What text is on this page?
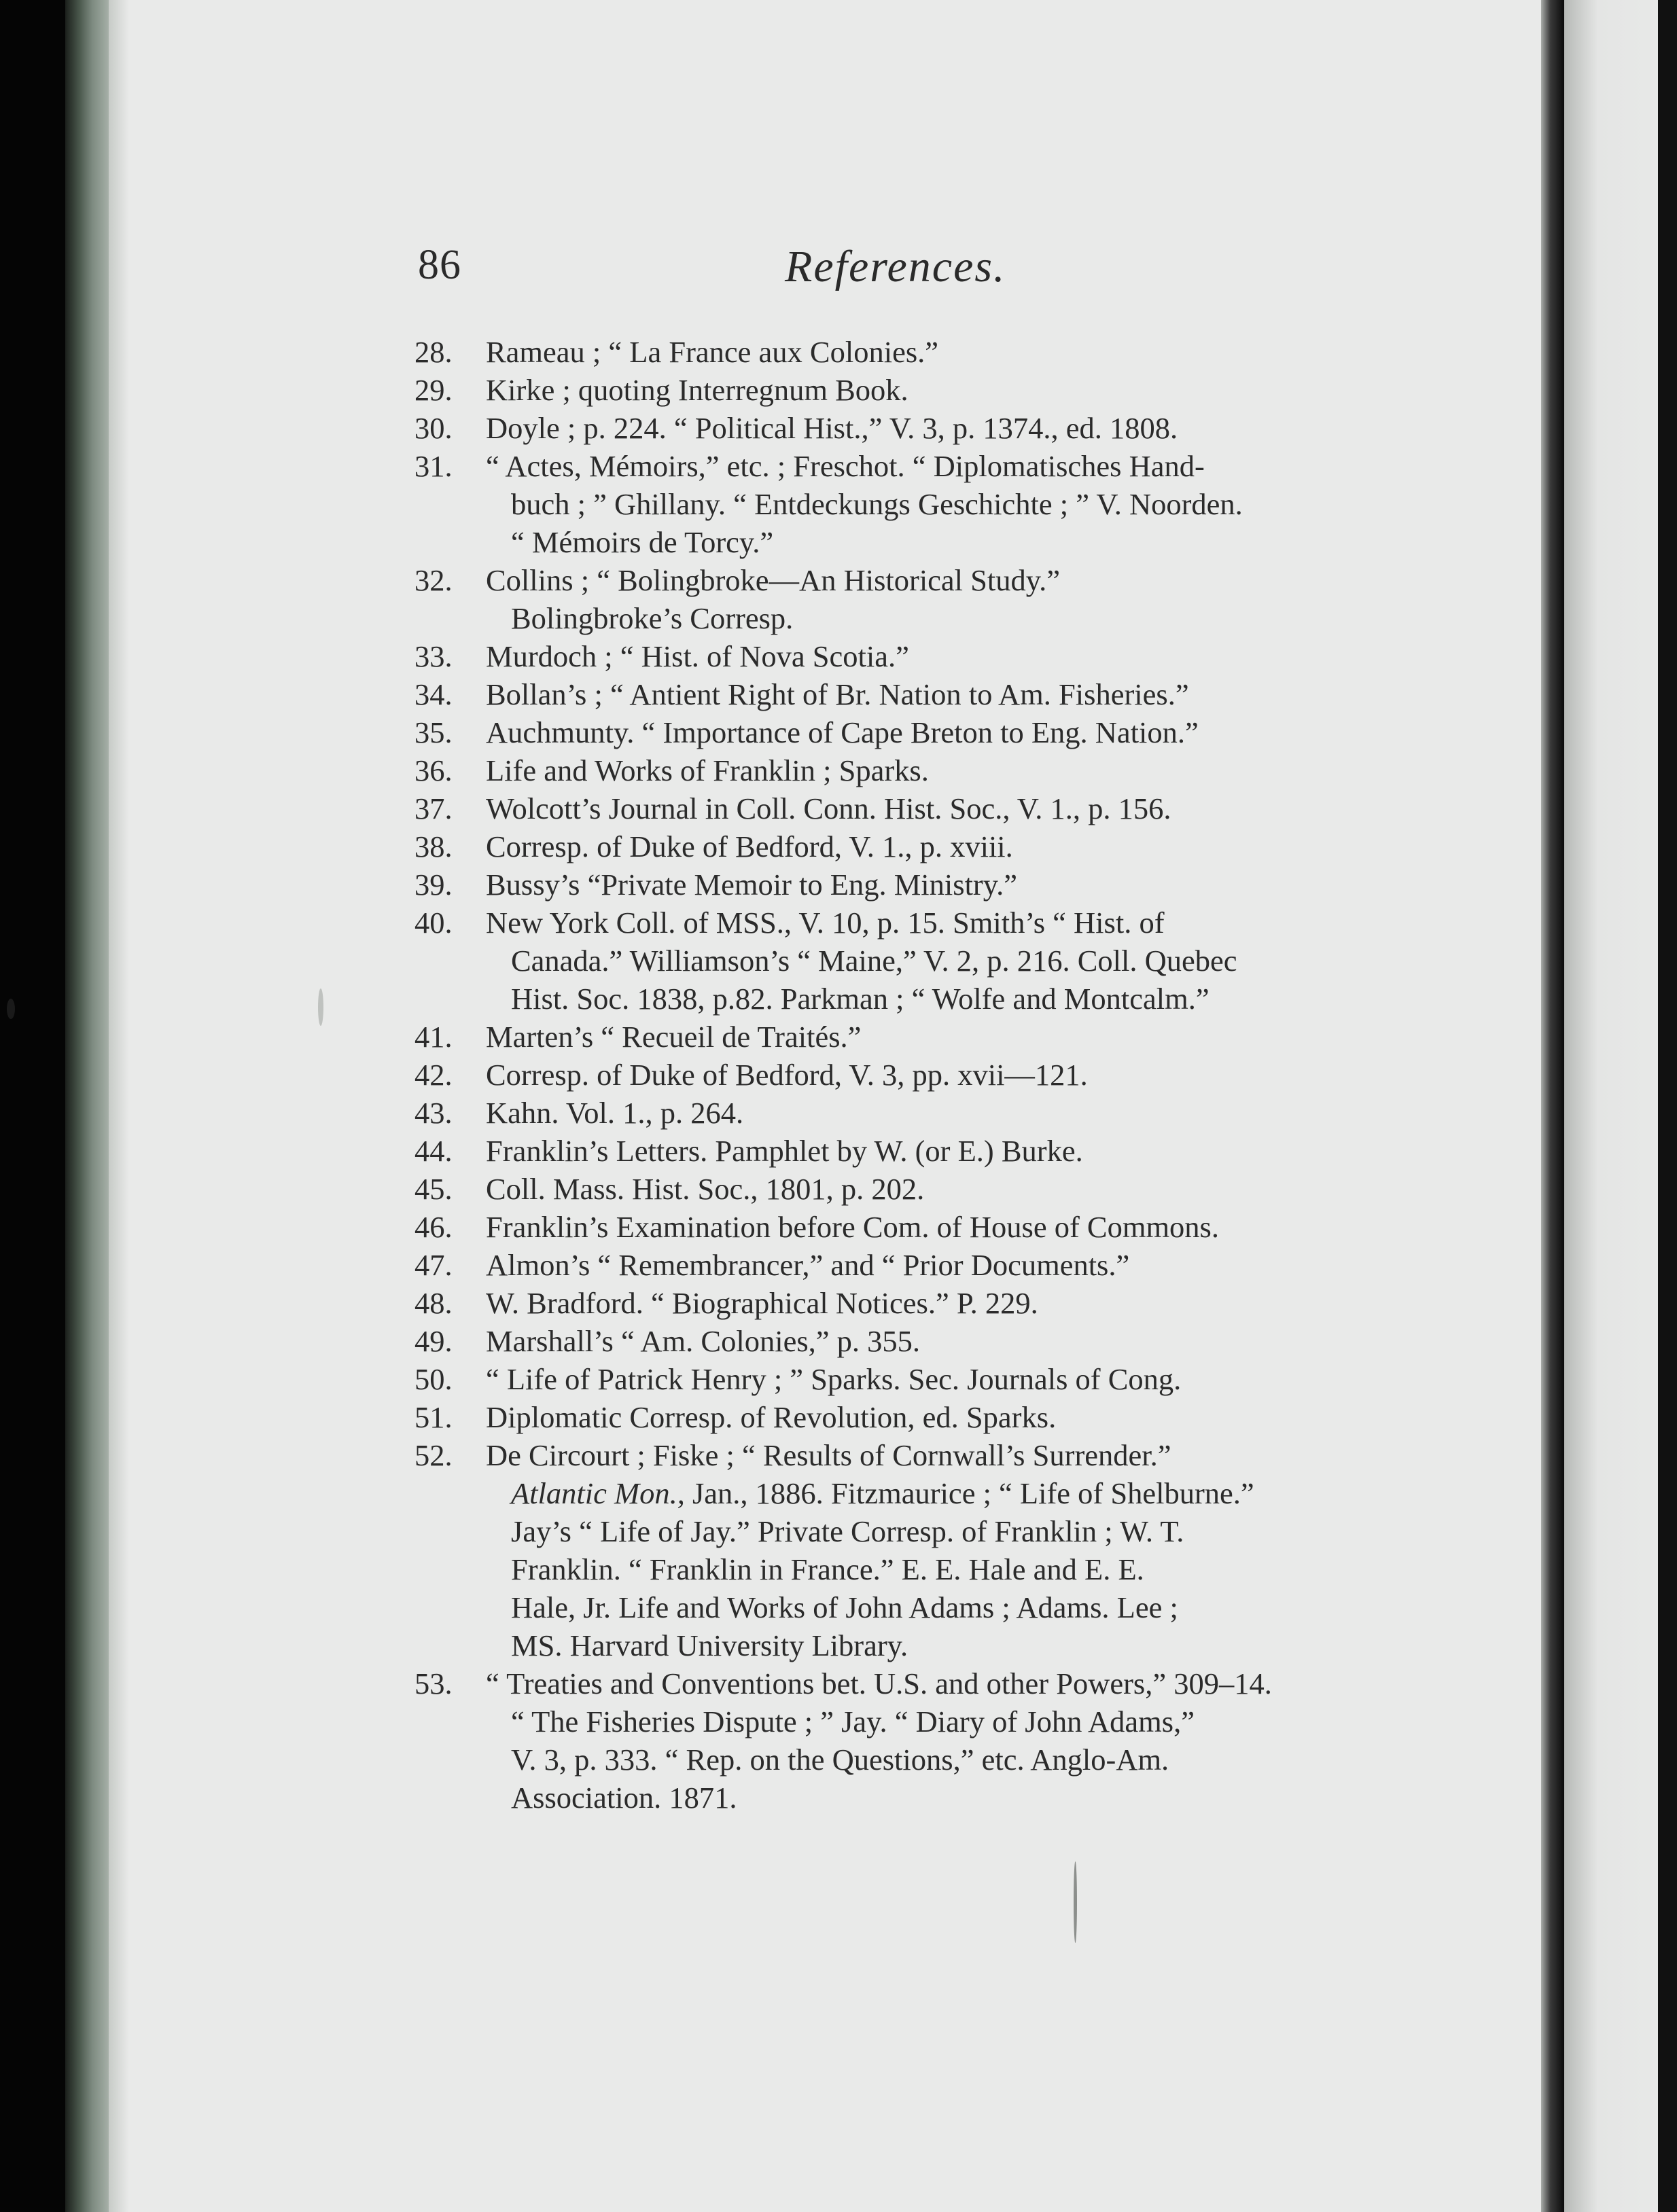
86	References.
28. Rameau ; “ La France aux Colonies.”
29. Kirke ; quoting Interregnum Book.
30. Doyle ; p. 224. “ Political Hist.,” V. 3, p. 1374., ed. 1808.
31. “ Actes, Mémoirs,” etc. ; Freschot. “ Diplomatisches Hand-
buch ; ” Ghillany. “ Entdeckungs Geschichte ; ” V. Noorden.
“ Mémoirs de Torcy.”
32. Collins ; “ Bolingbroke—An Historical Study.”
Bolingbroke’s Corresp.
33. Murdoch ; “ Hist. of Nova Scotia.”
34. Bollan’s ; “ Antient Right of Br. Nation to Am. Fisheries.”
35. Auchmunty. “ Importance of Cape Breton to Eng. Nation.”
36. Life and Works of Franklin ; Sparks.
37. Wolcott’s Journal in Coll. Conn. Hist. Soc., V. 1., p. 156.
38. Corresp. of Duke of Bedford, V. 1., p. xviii.
39. Bussy’s “Private Memoir to Eng. Ministry.”
40. New York Coll. of MSS., V. 10, p. 15. Smith’s “ Hist. of
Canada.” Williamson’s “ Maine,” V. 2, p. 216. Coll. Quebec
Hist. Soc. 1838, p.82. Parkman ; “ Wolfe and Montcalm.”
41. Marten’s “ Recueil de Traités.”
42. Corresp. of Duke of Bedford, V. 3, pp. xvii—121.
43. Kahn. Vol. 1., p. 264.
44. Franklin’s Letters. Pamphlet by W. (or E.) Burke.
45. Coll. Mass. Hist. Soc., 1801, p. 202.
46. Franklin’s Examination before Com. of House of Commons.
47. Almon’s “ Remembrancer,” and “ Prior Documents.”
48. W. Bradford. “ Biographical Notices.” P. 229.
49. Marshall’s “ Am. Colonies,” p. 355.
50. “ Life of Patrick Henry ; ” Sparks. Sec. Journals of Cong.
51. Diplomatic Corresp. of Revolution, ed. Sparks.
52. De Circourt ; Fiske ; “ Results of Cornwall’s Surrender.”
Atlantic Mon., Jan., 1886. Fitzmaurice ; “ Life of Shelburne.”
Jay’s “ Life of Jay.” Private Corresp. of Franklin ; W. T.
Franklin. “ Franklin in France.” E. E. Hale and E. E.
Hale, Jr. Life and Works of John Adams ; Adams. Lee ;
MS. Harvard University Library.
53. “ Treaties and Conventions bet. U.S. and other Powers,” 309–14.
“ The Fisheries Dispute ; ” Jay. “ Diary of John Adams,”
V. 3, p. 333. “ Rep. on the Questions,” etc. Anglo-Am.
Association. 1871.
